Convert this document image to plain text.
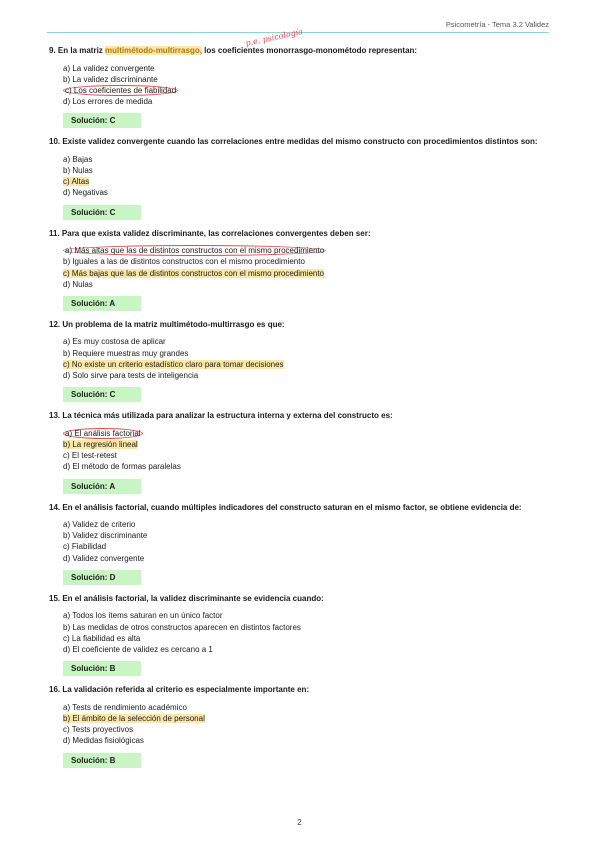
Psicometría - Tema 3.2 Validez
p.e. psicología
9. En la matriz multimétodo-multirrasgo, los coeficientes monorrasgo-monométodo representan:
a) La validez convergente
b) La validez discriminante
c) Los coeficientes de fiabilidad
d) Los errores de medida
Solución: C
10. Existe validez convergente cuando las correlaciones entre medidas del mismo constructo con procedimientos distintos son:
a) Bajas
b) Nulas
c) Altas
d) Negativas
Solución: C
11. Para que exista validez discriminante, las correlaciones convergentes deben ser:
a) Más altas que las de distintos constructos con el mismo procedimiento
b) Iguales a las de distintos constructos con el mismo procedimiento
c) Más bajas que las de distintos constructos con el mismo procedimiento
d) Nulas
Solución: A
12. Un problema de la matriz multimétodo-multirrasgo es que:
a) Es muy costosa de aplicar
b) Requiere muestras muy grandes
c) No existe un criterio estadístico claro para tomar decisiones
d) Solo sirve para tests de inteligencia
Solución: C
13. La técnica más utilizada para analizar la estructura interna y externa del constructo es:
a) El análisis factorial
b) La regresión lineal
c) El test-retest
d) El método de formas paralelas
Solución: A
14. En el análisis factorial, cuando múltiples indicadores del constructo saturan en el mismo factor, se obtiene evidencia de:
a) Validez de criterio
b) Validez discriminante
c) Fiabilidad
d) Validez convergente
Solución: D
15. En el análisis factorial, la validez discriminante se evidencia cuando:
a) Todos los ítems saturan en un único factor
b) Las medidas de otros constructos aparecen en distintos factores
c) La fiabilidad es alta
d) El coeficiente de validez es cercano a 1
Solución: B
16. La validación referida al criterio es especialmente importante en:
a) Tests de rendimiento académico
b) El ámbito de la selección de personal
c) Tests proyectivos
d) Medidas fisiológicas
Solución: B
2
